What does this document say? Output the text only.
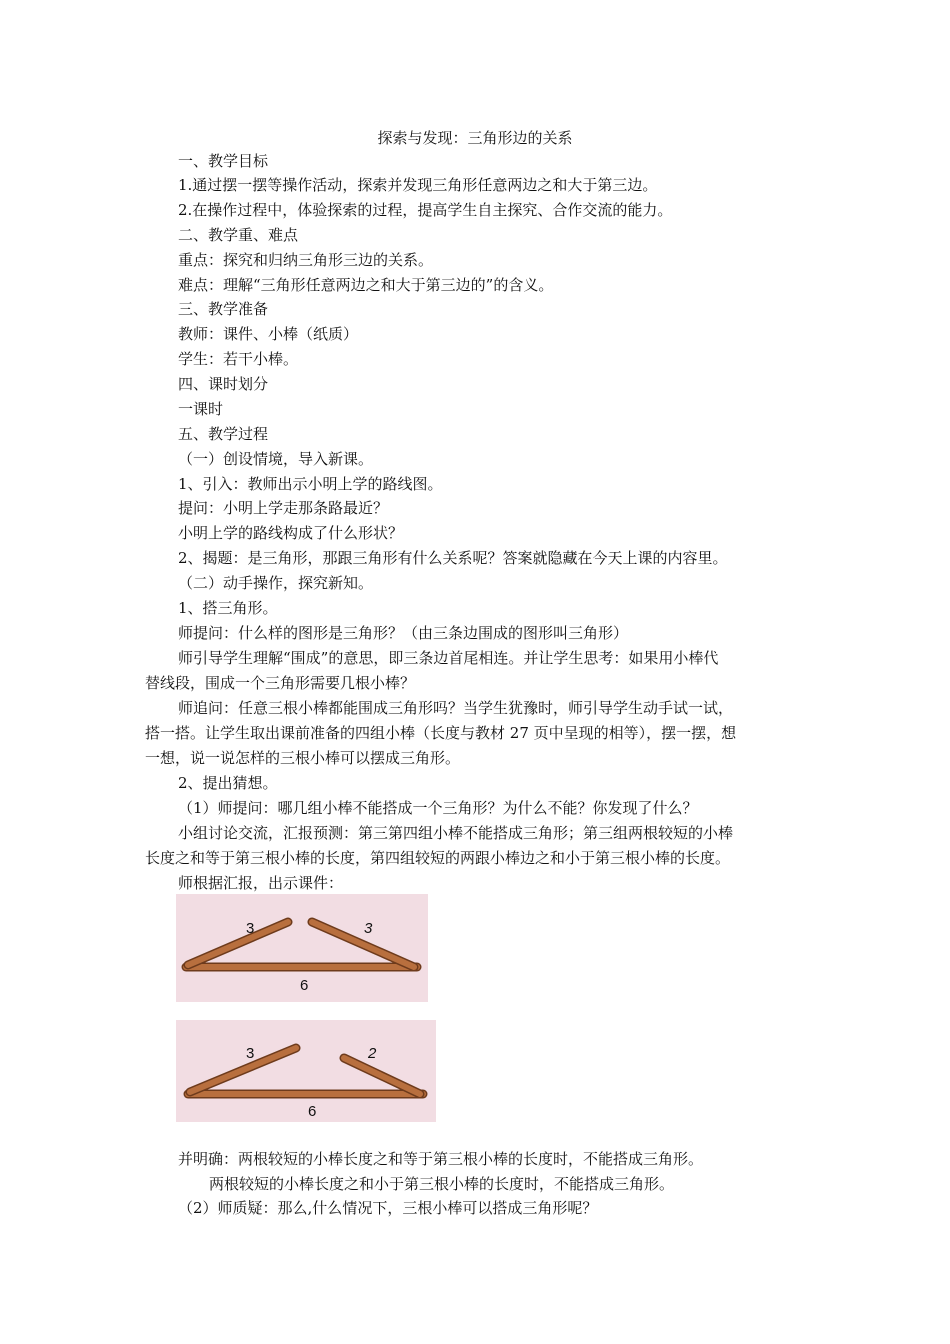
探索与发现：三角形边的关系
一、教学目标
1.通过摆一摆等操作活动，探索并发现三角形任意两边之和大于第三边。
2.在操作过程中，体验探索的过程，提高学生自主探究、合作交流的能力。
二、教学重、难点
重点：探究和归纳三角形三边的关系。
难点：理解“三角形任意两边之和大于第三边的”的含义。
三、教学准备
教师：课件、小棒（纸质）
学生：若干小棒。
四、课时划分
一课时
五、教学过程
（一）创设情境，导入新课。
1、引入：教师出示小明上学的路线图。
提问：小明上学走那条路最近？
小明上学的路线构成了什么形状？
2、揭题：是三角形，那跟三角形有什么关系呢？答案就隐藏在今天上课的内容里。
（二）动手操作，探究新知。
1、搭三角形。
师提问：什么样的图形是三角形？（由三条边围成的图形叫三角形）
师引导学生理解“围成”的意思，即三条边首尾相连。并让学生思考：如果用小棒代
替线段，围成一个三角形需要几根小棒？
师追问：任意三根小棒都能围成三角形吗？当学生犹豫时，师引导学生动手试一试，
搭一搭。让学生取出课前准备的四组小棒（长度与教材 27 页中呈现的相等），摆一摆，想
一想，说一说怎样的三根小棒可以摆成三角形。
2、提出猜想。
（1）师提问：哪几组小棒不能搭成一个三角形？为什么不能？你发现了什么？
小组讨论交流，汇报预测：第三第四组小棒不能搭成三角形；第三组两根较短的小棒
长度之和等于第三根小棒的长度，第四组较短的两跟小棒边之和小于第三根小棒的长度。
师根据汇报，出示课件：
3	3
6
3	2
6
并明确：两根较短的小棒长度之和等于第三根小棒的长度时，不能搭成三角形。
两根较短的小棒长度之和小于第三根小棒的长度时，不能搭成三角形。
（2）师质疑：那么,什么情况下，三根小棒可以搭成三角形呢？
